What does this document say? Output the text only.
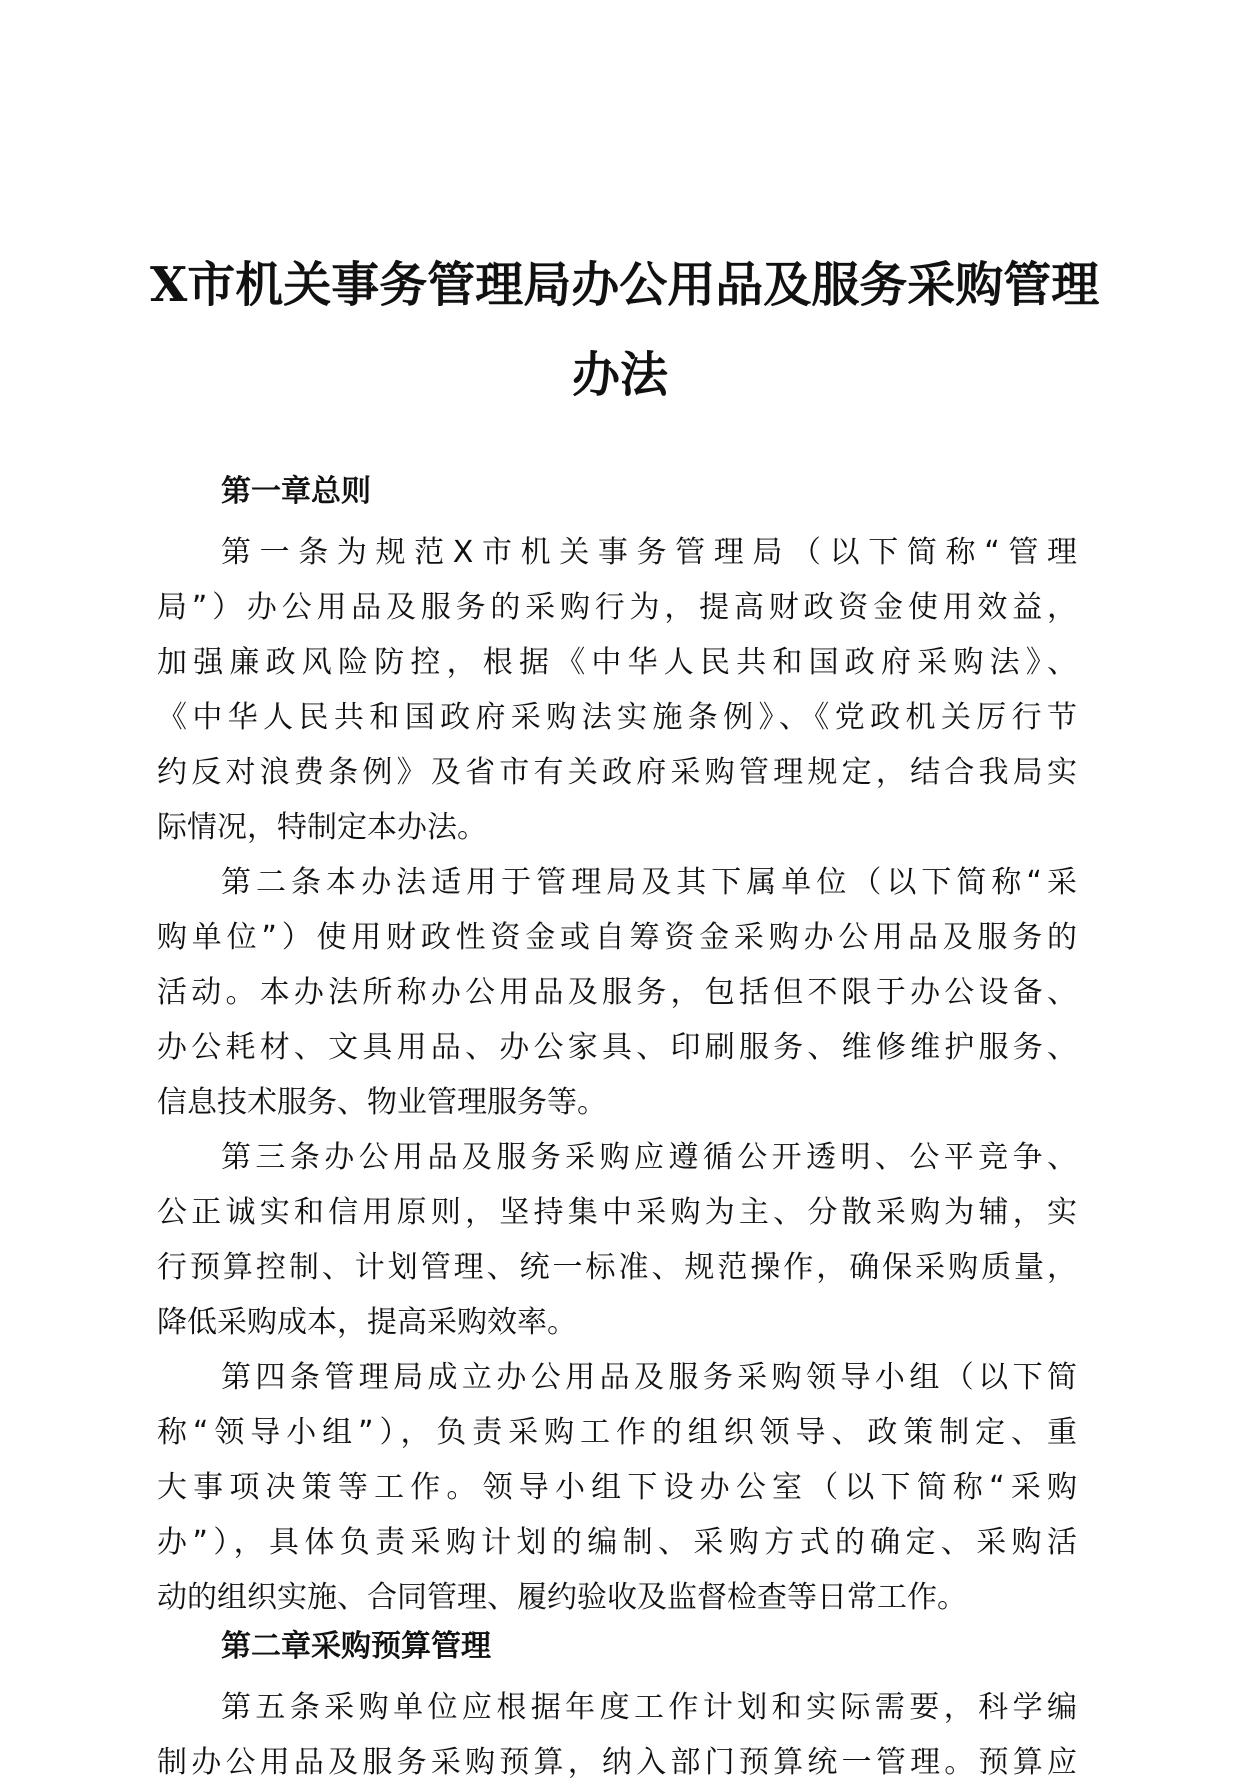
X市机关事务管理局办公用品及服务采购管理
办法
第一章总则
第一条为规范X市机关事务管理局（以下简称“管理
局”）办公用品及服务的采购行为，提高财政资金使用效益，
加强廉政风险防控，根据《中华人民共和国政府采购法》、
《中华人民共和国政府采购法实施条例》、《党政机关厉行节
约反对浪费条例》及省市有关政府采购管理规定，结合我局实
际情况，特制定本办法。
第二条本办法适用于管理局及其下属单位（以下简称“采
购单位”）使用财政性资金或自筹资金采购办公用品及服务的
活动。本办法所称办公用品及服务，包括但不限于办公设备、
办公耗材、文具用品、办公家具、印刷服务、维修维护服务、
信息技术服务、物业管理服务等。
第三条办公用品及服务采购应遵循公开透明、公平竞争、
公正诚实和信用原则，坚持集中采购为主、分散采购为辅，实
行预算控制、计划管理、统一标准、规范操作，确保采购质量，
降低采购成本，提高采购效率。
第四条管理局成立办公用品及服务采购领导小组（以下简
称“领导小组”），负责采购工作的组织领导、政策制定、重
大事项决策等工作。领导小组下设办公室（以下简称“采购
办”），具体负责采购计划的编制、采购方式的确定、采购活
动的组织实施、合同管理、履约验收及监督检查等日常工作。
第二章采购预算管理
第五条采购单位应根据年度工作计划和实际需要，科学编
制办公用品及服务采购预算，纳入部门预算统一管理。预算应
